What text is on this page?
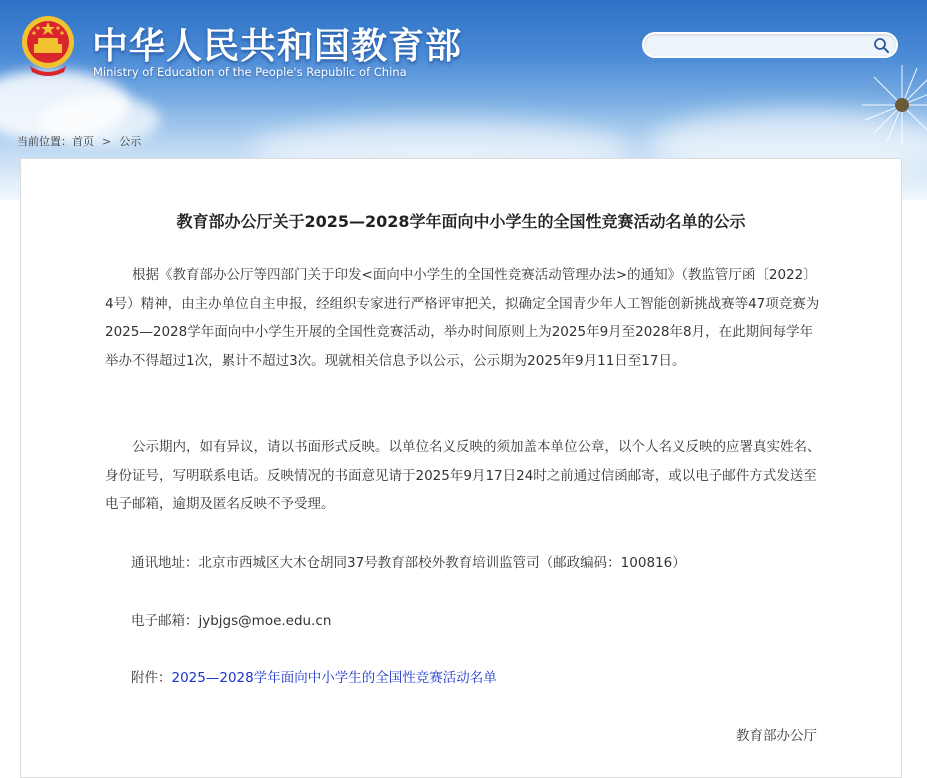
中华人民共和国教育部
Ministry of Education of the People's Republic of China
当前位置：首页 > 公示
教育部办公厅关于2025—2028学年面向中小学生的全国性竞赛活动名单的公示

根据《教育部办公厅等四部门关于印发<面向中小学生的全国性竞赛活动管理办法>的通知》（教监管厅函〔2022〕4号）精神，由主办单位自主申报，经组织专家进行严格评审把关，拟确定全国青少年人工智能创新挑战赛等47项竞赛为2025—2028学年面向中小学生开展的全国性竞赛活动，举办时间原则上为2025年9月至2028年8月，在此期间每学年举办不得超过1次，累计不超过3次。现就相关信息予以公示，公示期为2025年9月11日至17日。

公示期内，如有异议，请以书面形式反映。以单位名义反映的须加盖本单位公章，以个人名义反映的应署真实姓名、身份证号，写明联系电话。反映情况的书面意见请于2025年9月17日24时之前通过信函邮寄，或以电子邮件方式发送至电子邮箱，逾期及匿名反映不予受理。

通讯地址：北京市西城区大木仓胡同37号教育部校外教育培训监管司（邮政编码：100816）

电子邮箱：jybjgs@moe.edu.cn

附件：2025—2028学年面向中小学生的全国性竞赛活动名单

教育部办公厅
